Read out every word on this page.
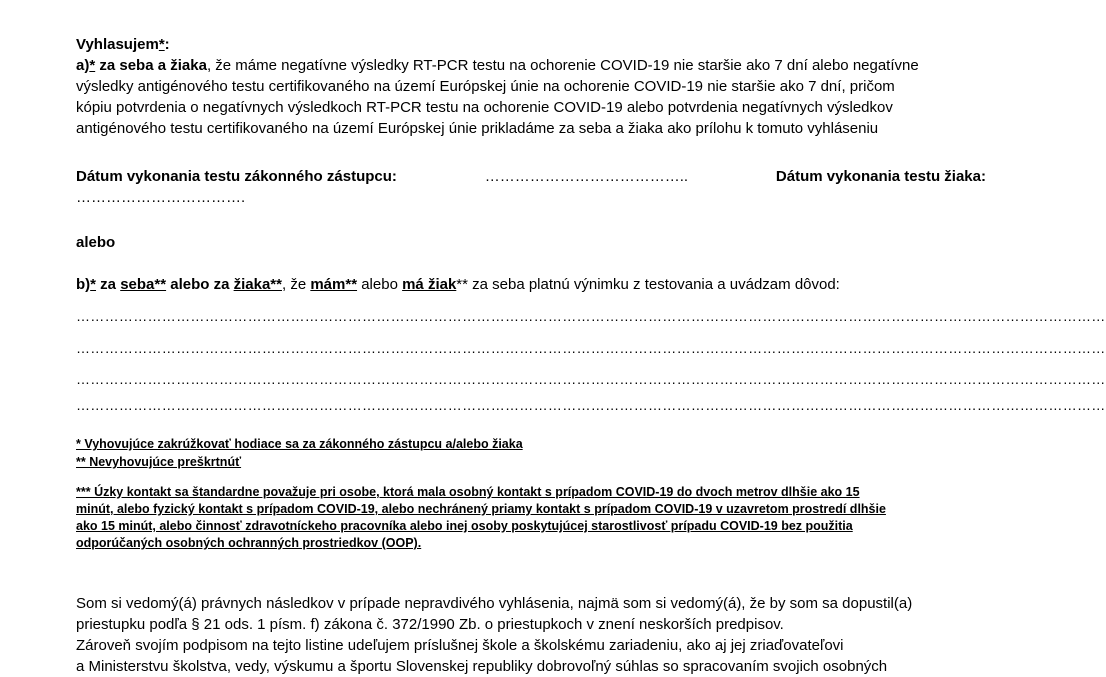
Vyhlasujem*:
a)* za seba a žiaka, že máme negatívne výsledky RT-PCR testu na ochorenie COVID-19 nie staršie ako 7 dní alebo negatívne
výsledky antigénového testu certifikovaného na území Európskej únie na ochorenie COVID-19 nie staršie ako 7 dní, pričom
kópiu potvrdenia o negatívnych výsledkoch RT-PCR testu na ochorenie COVID-19 alebo potvrdenia negatívnych výsledkov
antigénového testu certifikovaného na území Európskej únie prikladáme za seba a žiaka ako prílohu k tomuto vyhláseniu
Dátum vykonania testu zákonného zástupcu:	…………………………………..	Dátum vykonania testu žiaka:
…………………………….
alebo
b)* za seba** alebo za žiaka**, že mám** alebo má žiak** za seba platnú výnimku z testovania a uvádzam dôvod:
………………………………………………………………………………………………………………………………………………………………………………………………
………………………………………………………………………………………………………………………………………………………………………………………………
………………………………………………………………………………………………………………………………………………………………………………………………
………………………………………………………………………………………………………………………………………………………………………………………………
* Vyhovujúce zakrúžkovať hodiace sa za zákonného zástupcu a/alebo žiaka
** Nevyhovujúce preškrtnúť
*** Úzky kontakt sa štandardne považuje pri osobe, ktorá mala osobný kontakt s prípadom COVID-19 do dvoch metrov dlhšie ako 15
minút, alebo fyzický kontakt s prípadom COVID-19, alebo nechránený priamy kontakt s prípadom COVID-19 v uzavretom prostredí dlhšie
ako 15 minút, alebo činnosť zdravotníckeho pracovníka alebo inej osoby poskytujúcej starostlivosť prípadu COVID-19 bez použitia
odporúčaných osobných ochranných prostriedkov (OOP).
Som si vedomý(á) právnych následkov v prípade nepravdivého vyhlásenia, najmä som si vedomý(á), že by som sa dopustil(a)
priestupku podľa § 21 ods. 1 písm. f) zákona č. 372/1990 Zb. o priestupkoch v znení neskorších predpisov.
Zároveň svojím podpisom na tejto listine udeľujem príslušnej škole a školskému zariadeniu, ako aj jej zriaďovateľovi
a Ministerstvu školstva, vedy, výskumu a športu Slovenskej republiky dobrovoľný súhlas so spracovaním svojich osobných
